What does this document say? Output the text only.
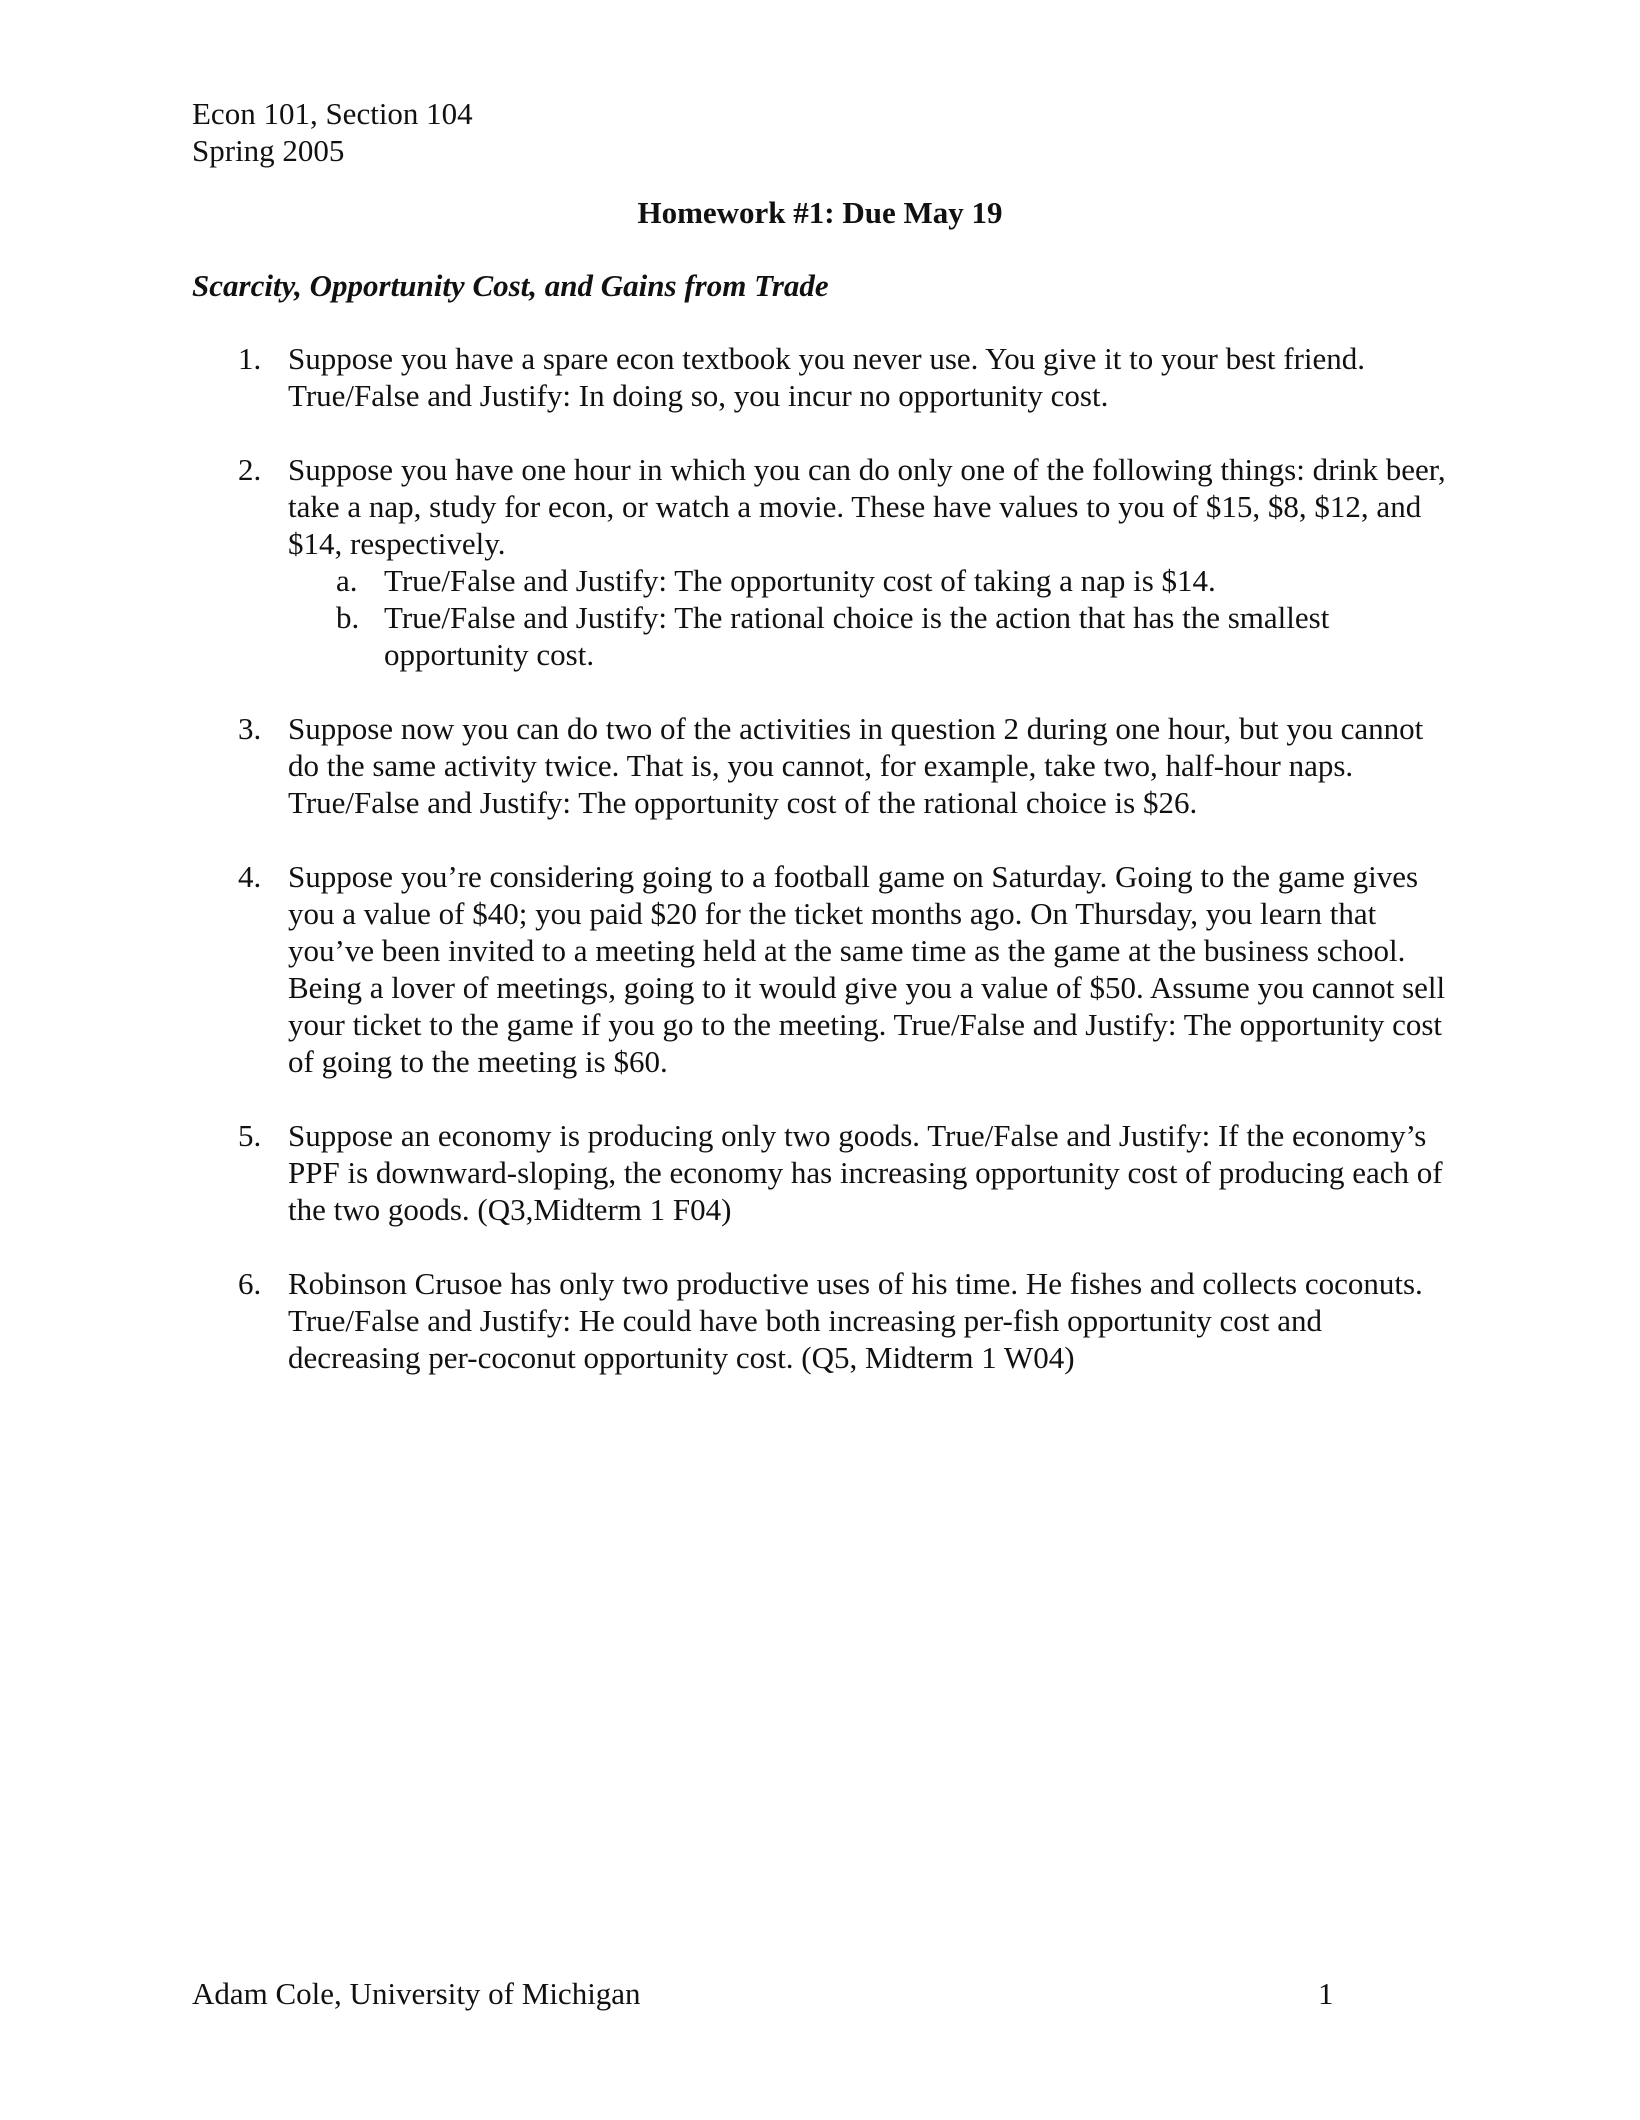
Econ 101, Section 104
Spring 2005
Homework #1: Due May 19
Scarcity, Opportunity Cost, and Gains from Trade
1. Suppose you have a spare econ textbook you never use. You give it to your best friend. True/False and Justify: In doing so, you incur no opportunity cost.
2. Suppose you have one hour in which you can do only one of the following things: drink beer, take a nap, study for econ, or watch a movie. These have values to you of $15, $8, $12, and $14, respectively.
a. True/False and Justify: The opportunity cost of taking a nap is $14.
b. True/False and Justify: The rational choice is the action that has the smallest opportunity cost.
3. Suppose now you can do two of the activities in question 2 during one hour, but you cannot do the same activity twice. That is, you cannot, for example, take two, half-hour naps. True/False and Justify: The opportunity cost of the rational choice is $26.
4. Suppose you’re considering going to a football game on Saturday. Going to the game gives you a value of $40; you paid $20 for the ticket months ago. On Thursday, you learn that you’ve been invited to a meeting held at the same time as the game at the business school. Being a lover of meetings, going to it would give you a value of $50. Assume you cannot sell your ticket to the game if you go to the meeting. True/False and Justify: The opportunity cost of going to the meeting is $60.
5. Suppose an economy is producing only two goods. True/False and Justify: If the economy’s PPF is downward-sloping, the economy has increasing opportunity cost of producing each of the two goods. (Q3,Midterm 1 F04)
6. Robinson Crusoe has only two productive uses of his time. He fishes and collects coconuts. True/False and Justify: He could have both increasing per-fish opportunity cost and decreasing per-coconut opportunity cost. (Q5, Midterm 1 W04)
Adam Cole, University of Michigan	1
